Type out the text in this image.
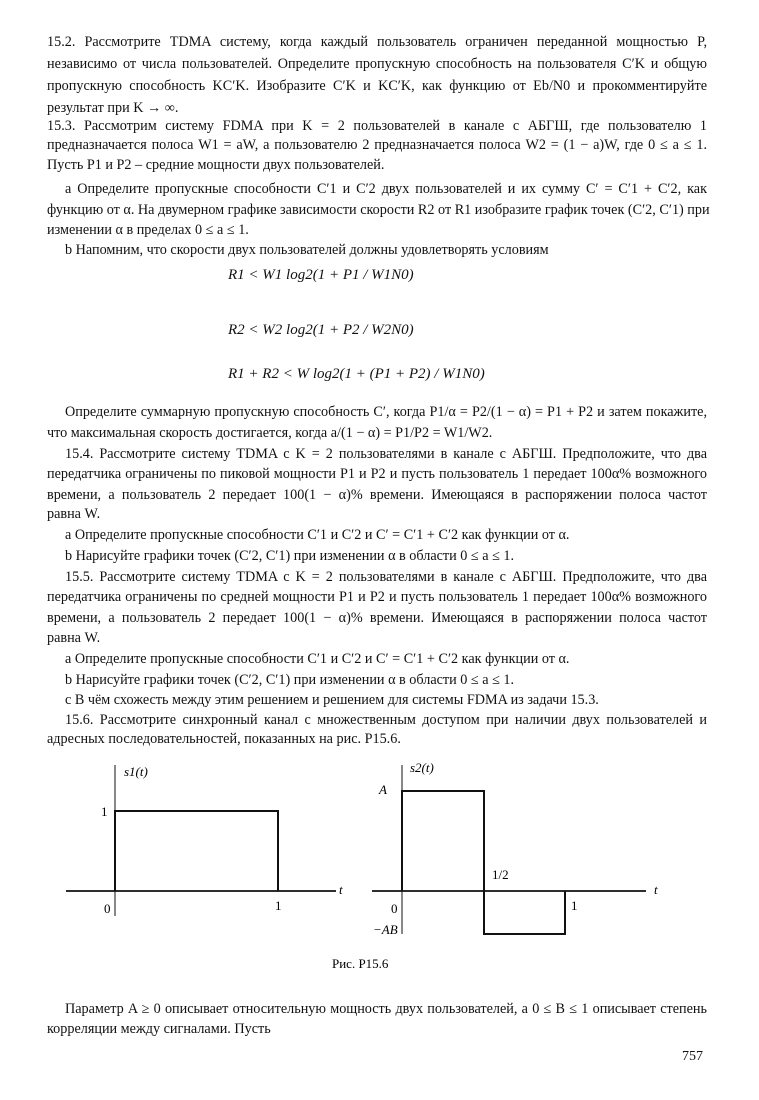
15.2. Рассмотрите TDMA систему, когда каждый пользователь ограничен переданной мощностью P,
независимо от числа пользователей. Определите пропускную способность на пользователя C′K и общую
пропускную способность KC′K. Изобразите C′K и KC′K, как функцию от Eb/N0 и прокомментируйте
результат при K → ∞.
15.3. Рассмотрим систему FDMA при K = 2 пользователей в канале с АБГШ, где пользователю 1
предназначается полоса W1 = aW, а пользователю 2 предназначается полоса W2 = (1 − a)W, где 0 ≤ a ≤ 1.
Пусть P1 и P2 – средние мощности двух пользователей.
a Определите пропускные способности C′1 и C′2 двух пользователей и их сумму C′ = C′1 + C′2, как
функцию от α. На двумерном графике зависимости скорости R2 от R1 изобразите график точек (C′2, C′1) при
изменении α в пределах 0 ≤ a ≤ 1.
b Напомним, что скорости двух пользователей должны удовлетворять условиям
R1 < W1 log2(1 + P1 / W1N0)
R2 < W2 log2(1 + P2 / W2N0)
R1 + R2 < W log2(1 + (P1 + P2) / W1N0)
Определите суммарную пропускную способность C′, когда P1/α = P2/(1 − α) = P1 + P2 и затем покажите,
что максимальная скорость достигается, когда a/(1 − α) = P1/P2 = W1/W2.
15.4. Рассмотрите систему TDMA с K = 2 пользователями в канале с АБГШ. Предположите, что два
передатчика ограничены по пиковой мощности P1 и P2 и пусть пользователь 1 передает 100α% возможного
времени, а пользователь 2 передает 100(1 − α)% времени. Имеющаяся в распоряжении полоса частот
равна W.
a Определите пропускные способности C′1 и C′2 и C′ = C′1 + C′2 как функции от α.
b Нарисуйте графики точек (C′2, C′1) при изменении α в области 0 ≤ a ≤ 1.
15.5. Рассмотрите систему TDMA с K = 2 пользователями в канале с АБГШ. Предположите, что два
передатчика ограничены по средней мощности P1 и P2 и пусть пользователь 1 передает 100α% возможного
времени, а пользователь 2 передает 100(1 − α)% времени. Имеющаяся в распоряжении полоса частот
равна W.
a Определите пропускные способности C′1 и C′2 и C′ = C′1 + C′2 как функции от α.
b Нарисуйте графики точек (C′2, C′1) при изменении α в области 0 ≤ a ≤ 1.
c В чём схожесть между этим решением и решением для системы FDMA из задачи 15.3.
15.6. Рассмотрите синхронный канал с множественным доступом при наличии двух пользователей и
адресных последовательностей, показанных на рис. P15.6.
s1(t)
1
0	1
t
s2(t)
A
1/2
0	1
−AB
t
Рис. P15.6
Параметр A ≥ 0 описывает относительную мощность двух пользователей, а 0 ≤ B ≤ 1 описывает степень
корреляции между сигналами. Пусть
757
